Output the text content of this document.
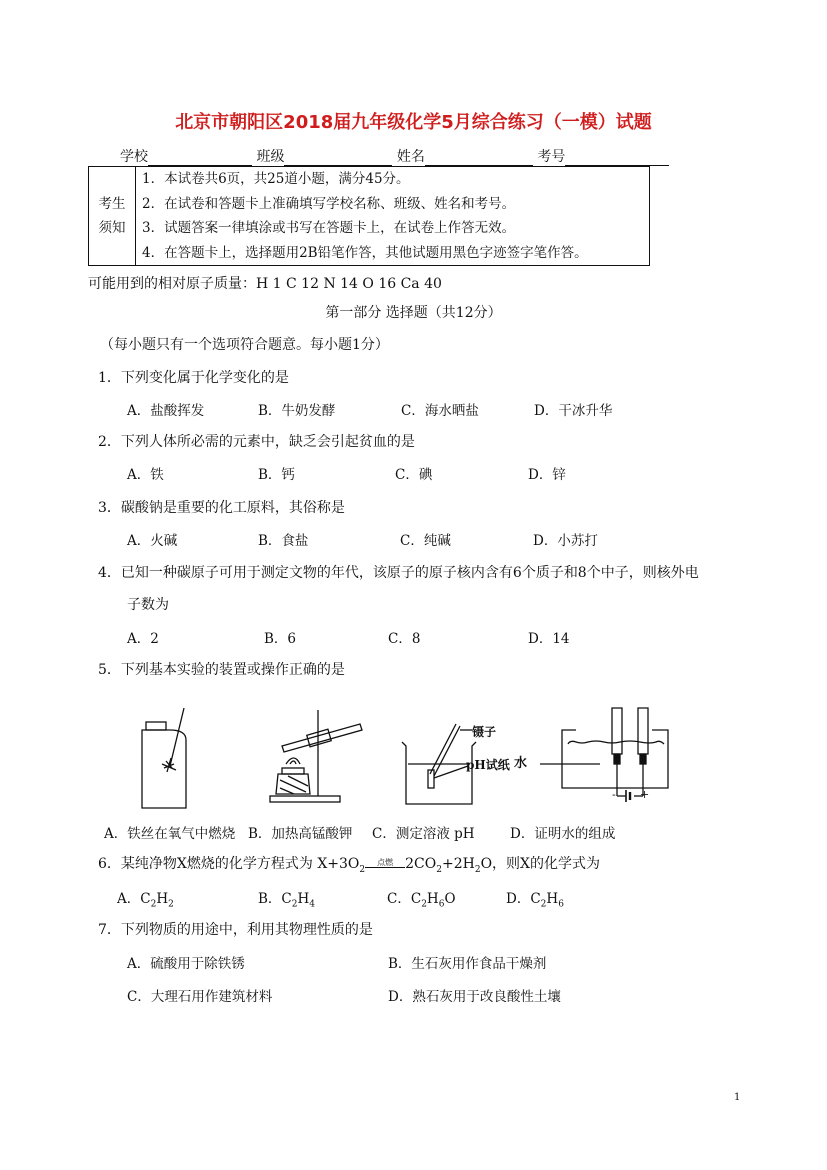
北京市朝阳区2018届九年级化学5月综合练习（一模）试题
学校	班级	姓名	考号
考生
须知

1．本试卷共6页，共25道小题，满分45分。
2．在试卷和答题卡上准确填写学校名称、班级、姓名和考号。
3．试题答案一律填涂或书写在答题卡上，在试卷上作答无效。
4．在答题卡上，选择题用2B铅笔作答，其他试题用黑色字迹签字笔作答。
可能用到的相对原子质量：H 1 C 12 N 14 O 16 Ca 40
第一部分 选择题（共12分）
（每小题只有一个选项符合题意。每小题1分）
1．下列变化属于化学变化的是
A．盐酸挥发	B．牛奶发酵	C．海水晒盐	D．干冰升华
2．下列人体所必需的元素中，缺乏会引起贫血的是
A．铁	B．钙	C．碘	D．锌
3．碳酸钠是重要的化工原料，其俗称是
A．火碱	B．食盐	C．纯碱	D．小苏打
4．已知一种碳原子可用于测定文物的年代，该原子的原子核内含有6个质子和8个中子，则核外电
子数为
A．2	B．6	C．8	D．14
5．下列基本实验的装置或操作正确的是
镊子
pH试纸 水
- +
A．铁丝在氧气中燃烧 B．加热高锰酸钾 C．测定溶液 pH	D．证明水的组成
6．某纯净物X燃烧的化学方程式为 $X+3O_2$
点燃 $2CO_2+2H_2O$，则X的化学式为
A．$C_2H_2$	B．$C_2H_4$	C．$C_2H_6O$	D．$C_2H_6$
7．下列物质的用途中，利用其物理性质的是
A．硫酸用于除铁锈	B．生石灰用作食品干燥剂
C．大理石用作建筑材料	D．熟石灰用于改良酸性土壤
1
